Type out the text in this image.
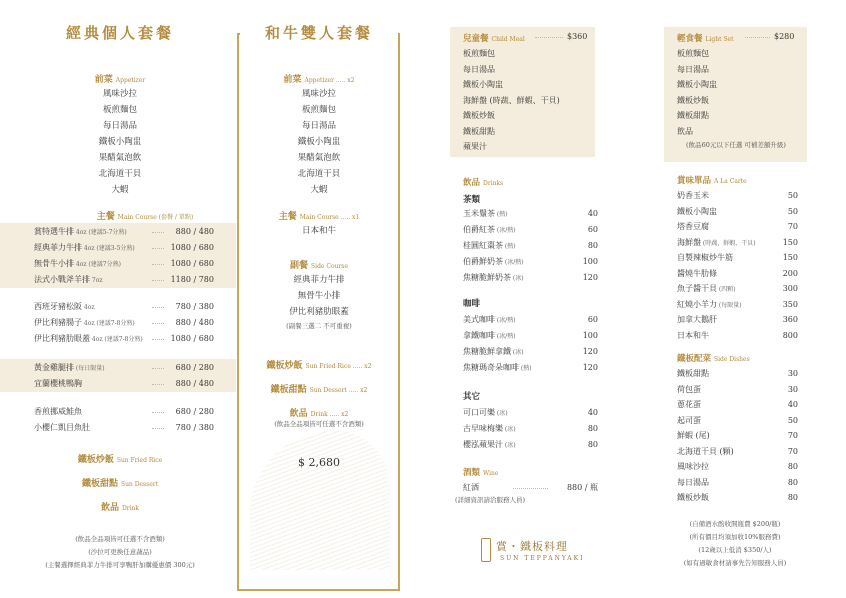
經典個人套餐
前菜 Appetizer
風味沙拉
板煎麵包
每日湯品
鐵板小陶盅
果醋氣泡飲
北海道干貝
大蝦
主餐 Main Course (套餐 / 單點)
賞特選牛排 4oz (建議5-7分熟)	880 / 480
經典菲力牛排 4oz (建議3-5分熟)	1080 / 680
無骨牛小排 4oz (建議7分熟)	1080 / 680
法式小戰斧羊排 7oz	1180 / 780
西班牙豬松阪 4oz	780 / 380
伊比利豬腸子 4oz (建議7-8分熟)	880 / 480
伊比利豬肋眼蓋 4oz (建議7-8分熟)	1080 / 680
黃金雞腿排 (每日限量)	680 / 280
宜蘭櫻桃鴨胸	880 / 480
香煎挪威鮭魚	680 / 280
小櫻仁凱目魚肚	780 / 380
鐵板炒飯 Sun Fried Rice
鐵板甜點 Sun Dessert
飲品 Drink
(飲品全品項皆可任選不含酒類)
(沙拉可更換任意蔬品)
(主餐選擇經典菲力牛排可享鴨肝加購優惠價 300元)
和牛雙人套餐
前菜 Appetizer ..... x2
風味沙拉
板煎麵包
每日湯品
鐵板小陶盅
果醋氣泡飲
北海道干貝
大蝦
主餐 Main Course ..... x1
日本和牛
副餐 Side Course
經典菲力牛排
無骨牛小排
伊比利豬肋眼蓋
(副餐三選二 不可重複)
鐵板炒飯 Sun Fried Rice ..... x2
鐵板甜點 Sun Dessert ..... x2
飲品 Drink ..... x2
(飲品全品項皆可任選不含酒類)
$ 2,680
兒童餐 Child Meal	$360
板煎麵包
每日湯品
鐵板小陶盅
海鮮盤 (時蔬、鮮蝦、干貝)
鐵板炒飯
鐵板甜點
蘋果汁
飲品 Drinks
茶類
玉米鬚茶 (熱)	40
伯爵紅茶 (冰/熱)	60
桂圓紅棗茶 (熱)	80
伯爵鮮奶茶 (冰/熱)	100
焦糖脆鮮奶茶 (冰)	120
咖啡
美式咖啡 (冰/熱)	60
拿鐵咖啡 (冰/熱)	100
焦糖脆鮮拿鐵 (冰)	120
焦糖瑪奇朵咖啡 (熱)	120
其它
可口可樂 (冰)	40
古早味梅樂 (冰)	80
櫻泓蘋果汁 (冰)	80
酒類 Wine
紅酒	880 / 瓶
(詳細資訊請洽服務人員)
賞・鐵板料理
SUN TEPPANYAKI
輕食餐 Light Set	$280
板煎麵包
每日湯品
鐵板小陶盅
鐵板炒飯
鐵板甜點
飲品
(飲品60元以下任選 可補差額升級)
賞味單品 A La Carte
奶香玉米	50
鐵板小陶盅	50
塔香豆腐	70
海鮮盤 (時蔬、鮮蝦、干貝)	150
自製辣椒炒牛筋	150
醬燒牛肋條	200
魚子醬干貝 (四顆)	300
紅燒小羊力 (每限量)	350
加拿大鵝肝	360
日本和牛	800
鐵板配菜 Side Dishes
鐵板甜點	30
荷包蛋	30
蔥花蛋	40
起司蛋	50
鮮蝦 (尾)	70
北海道干貝 (顆)	70
風味沙拉	80
每日湯品	80
鐵板炒飯	80
(自備酒水酌收開瓶費 $200/瓶)
(所有價目均須加收10%服務費)
(12歲以上低消 $350/人)
(如有過敏食材請事先告知服務人員)
